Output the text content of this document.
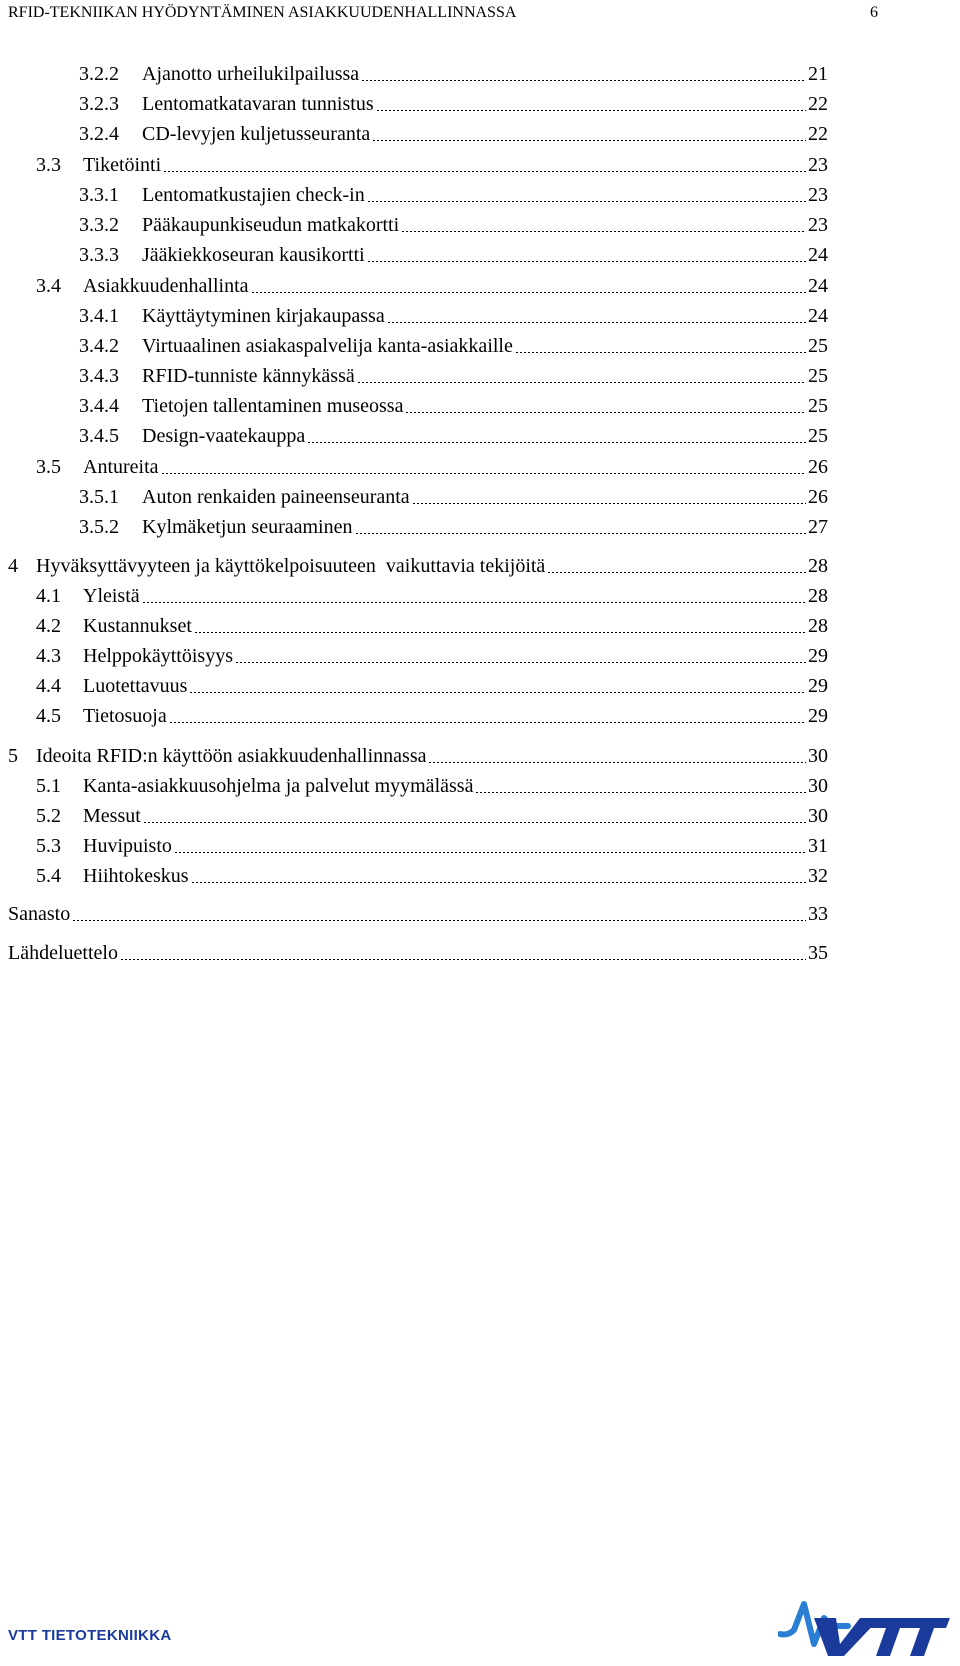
RFID-TEKNIIKAN HYÖDYNTÄMINEN ASIAKKUUDENHALLINNASSA	6
3.2.2	Ajanotto urheilukilpailussa	21
3.2.3	Lentomatkatavaran tunnistus	22
3.2.4	CD-levyjen kuljetusseuranta	22
3.3	Tiketöinti	23
3.3.1	Lentomatkustajien check-in	23
3.3.2	Pääkaupunkiseudun matkakortti	23
3.3.3	Jääkiekkoseuran kausikortti	24
3.4	Asiakkuudenhallinta	24
3.4.1	Käyttäytyminen kirjakaupassa	24
3.4.2	Virtuaalinen asiakaspalvelija kanta-asiakkaille	25
3.4.3	RFID-tunniste kännykässä	25
3.4.4	Tietojen tallentaminen museossa	25
3.4.5	Design-vaatekauppa	25
3.5	Antureita	26
3.5.1	Auton renkaiden paineenseuranta	26
3.5.2	Kylmäketjun seuraaminen	27
4 Hyväksyttävyyteen ja käyttökelpoisuuteen  vaikuttavia tekijöitä	28
4.1	Yleistä	28
4.2	Kustannukset	28
4.3	Helppokäyttöisyys	29
4.4	Luotettavuus	29
4.5	Tietosuoja	29
5 Ideoita RFID:n käyttöön asiakkuudenhallinnassa	30
5.1	Kanta-asiakkuusohjelma ja palvelut myymälässä	30
5.2	Messut	30
5.3	Huvipuisto	31
5.4	Hiihtokeskus	32
Sanasto	33
Lähdeluettelo	35
VTT TIETOTEKNIIKKA
